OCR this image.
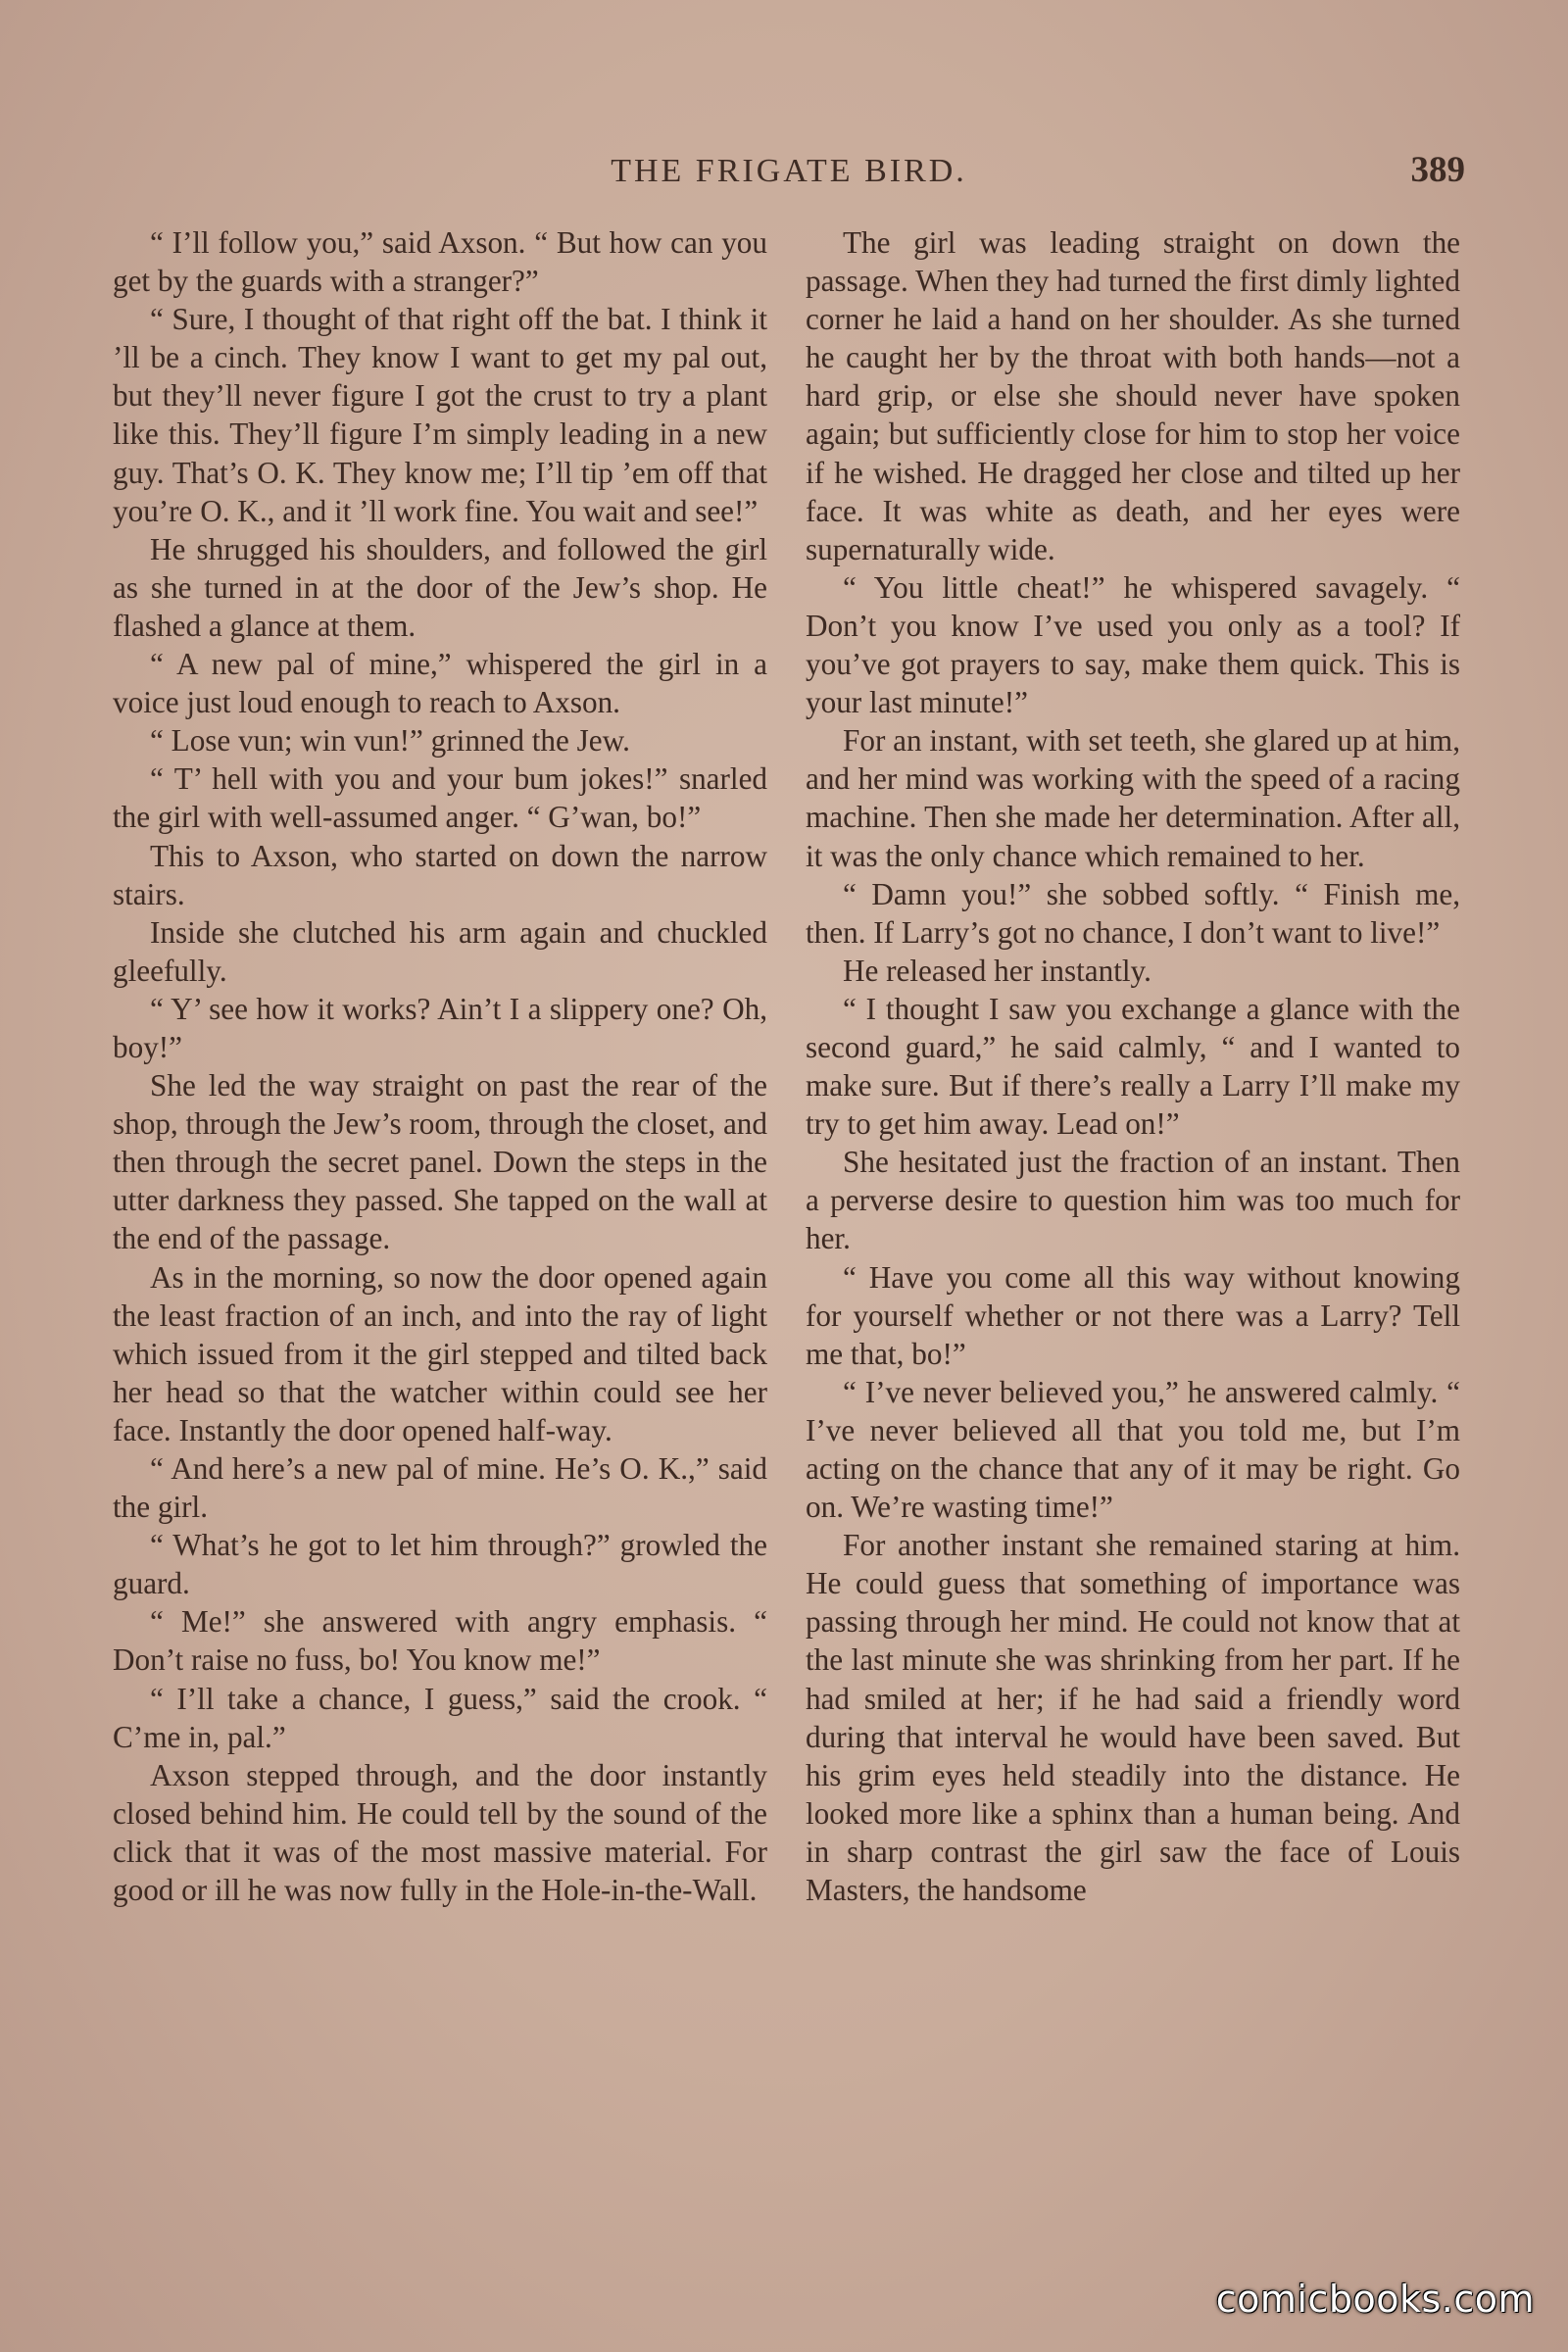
THE FRIGATE BIRD.	389

“ I’ll follow you,” said Axson. “ But how can you get by the guards with a stranger?”

“ Sure, I thought of that right off the bat. I think it ’ll be a cinch. They know I want to get my pal out, but they’ll never figure I got the crust to try a plant like this. They’ll figure I’m simply leading in a new guy. That’s O. K. They know me; I’ll tip ’em off that you’re O. K., and it ’ll work fine. You wait and see!”

He shrugged his shoulders, and followed the girl as she turned in at the door of the Jew’s shop. He flashed a glance at them.

“ A new pal of mine,” whispered the girl in a voice just loud enough to reach to Axson.

“ Lose vun; win vun!” grinned the Jew.

“ T’ hell with you and your bum jokes!” snarled the girl with well-assumed anger. “ G’wan, bo!”

This to Axson, who started on down the narrow stairs.

Inside she clutched his arm again and chuckled gleefully.

“ Y’ see how it works? Ain’t I a slippery one? Oh, boy!”

She led the way straight on past the rear of the shop, through the Jew’s room, through the closet, and then through the secret panel. Down the steps in the utter darkness they passed. She tapped on the wall at the end of the passage.

As in the morning, so now the door opened again the least fraction of an inch, and into the ray of light which issued from it the girl stepped and tilted back her head so that the watcher within could see her face. Instantly the door opened half-way.

“ And here’s a new pal of mine. He’s O. K.,” said the girl.

“ What’s he got to let him through?” growled the guard.

“ Me!” she answered with angry emphasis. “ Don’t raise no fuss, bo! You know me!”

“ I’ll take a chance, I guess,” said the crook. “ C’me in, pal.”

Axson stepped through, and the door instantly closed behind him. He could tell by the sound of the click that it was of the most massive material. For good or ill he was now fully in the Hole-in-the-Wall.

The girl was leading straight on down the passage. When they had turned the first dimly lighted corner he laid a hand on her shoulder. As she turned he caught her by the throat with both hands—not a hard grip, or else she should never have spoken again; but sufficiently close for him to stop her voice if he wished. He dragged her close and tilted up her face. It was white as death, and her eyes were supernaturally wide.

“ You little cheat!” he whispered savagely. “ Don’t you know I’ve used you only as a tool? If you’ve got prayers to say, make them quick. This is your last minute!”

For an instant, with set teeth, she glared up at him, and her mind was working with the speed of a racing machine. Then she made her determination. After all, it was the only chance which remained to her.

“ Damn you!” she sobbed softly. “ Finish me, then. If Larry’s got no chance, I don’t want to live!”

He released her instantly.

“ I thought I saw you exchange a glance with the second guard,” he said calmly, “ and I wanted to make sure. But if there’s really a Larry I’ll make my try to get him away. Lead on!”

She hesitated just the fraction of an instant. Then a perverse desire to question him was too much for her.

“ Have you come all this way without knowing for yourself whether or not there was a Larry? Tell me that, bo!”

“ I’ve never believed you,” he answered calmly. “ I’ve never believed all that you told me, but I’m acting on the chance that any of it may be right. Go on. We’re wasting time!”

For another instant she remained staring at him. He could guess that something of importance was passing through her mind. He could not know that at the last minute she was shrinking from her part. If he had smiled at her; if he had said a friendly word during that interval he would have been saved. But his grim eyes held steadily into the distance. He looked more like a sphinx than a human being. And in sharp contrast the girl saw the face of Louis Masters, the handsome

comicbooks.com
